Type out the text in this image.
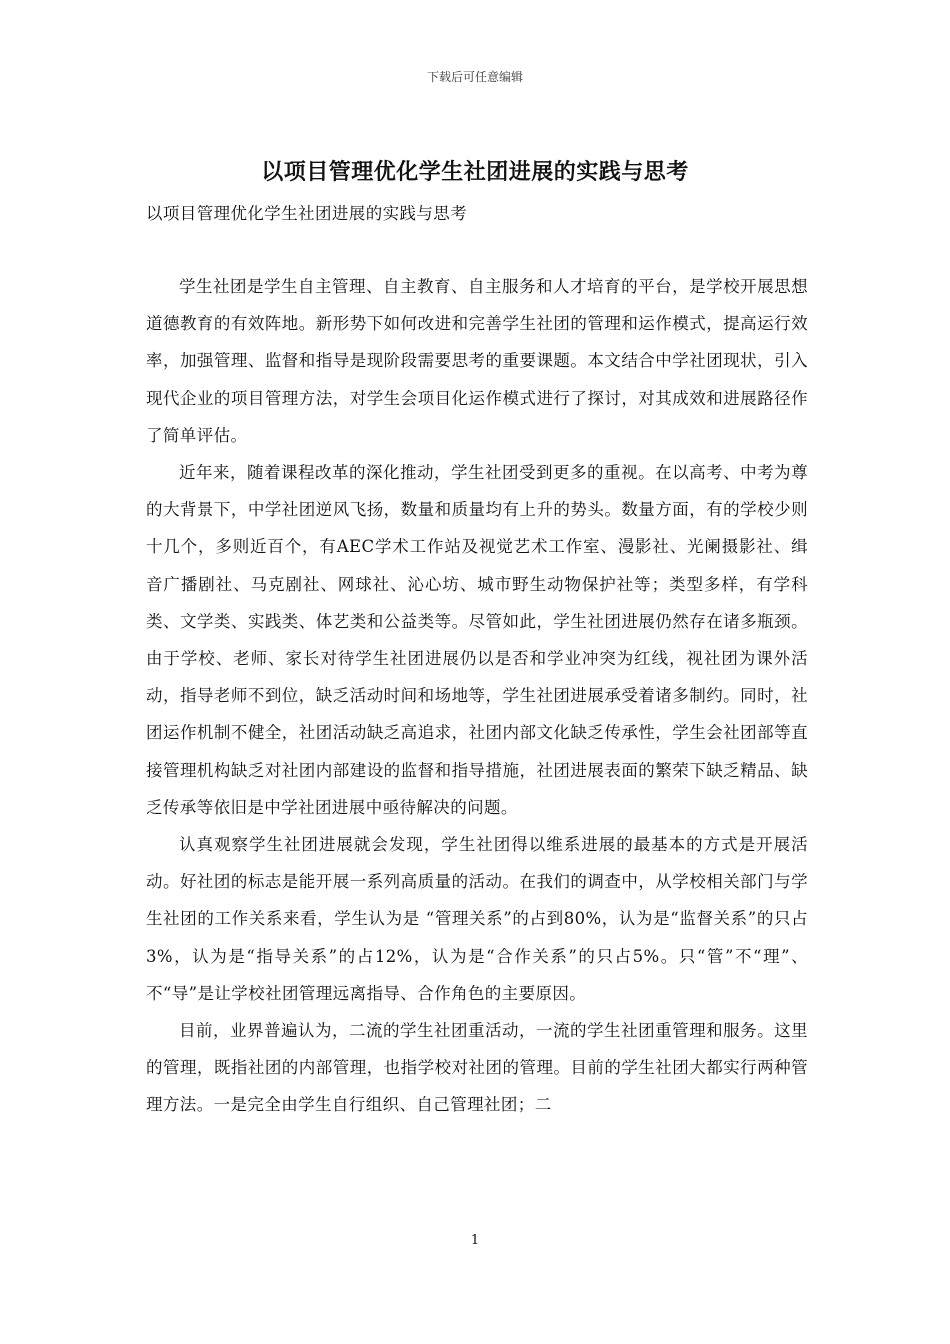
下载后可任意编辑
以项目管理优化学生社团进展的实践与思考
以项目管理优化学生社团进展的实践与思考

学生社团是学生自主管理、自主教育、自主服务和人才培育的平台，是学校开展思想道德教育的有效阵地。新形势下如何改进和完善学生社团的管理和运作模式，提高运行效率，加强管理、监督和指导是现阶段需要思考的重要课题。本文结合中学社团现状，引入现代企业的项目管理方法，对学生会项目化运作模式进行了探讨，对其成效和进展路径作了简单评估。

近年来，随着课程改革的深化推动，学生社团受到更多的重视。在以高考、中考为尊的大背景下，中学社团逆风飞扬，数量和质量均有上升的势头。数量方面，有的学校少则十几个，多则近百个，有AEC学术工作站及视觉艺术工作室、漫影社、光阑摄影社、缉音广播剧社、马克剧社、网球社、沁心坊、城市野生动物保护社等；类型多样，有学科类、文学类、实践类、体艺类和公益类等。尽管如此，学生社团进展仍然存在诸多瓶颈。由于学校、老师、家长对待学生社团进展仍以是否和学业冲突为红线，视社团为课外活动，指导老师不到位，缺乏活动时间和场地等，学生社团进展承受着诸多制约。同时，社团运作机制不健全，社团活动缺乏高追求，社团内部文化缺乏传承性，学生会社团部等直接管理机构缺乏对社团内部建设的监督和指导措施，社团进展表面的繁荣下缺乏精品、缺乏传承等依旧是中学社团进展中亟待解决的问题。

认真观察学生社团进展就会发现，学生社团得以维系进展的最基本的方式是开展活动。好社团的标志是能开展一系列高质量的活动。在我们的调查中，从学校相关部门与学生社团的工作关系来看，学生认为是 “管理关系”的占到80%，认为是“监督关系”的只占3%，认为是“指导关系”的占12%，认为是“合作关系”的只占5%。只“管”不“理”、不“导”是让学校社团管理远离指导、合作角色的主要原因。

目前，业界普遍认为，二流的学生社团重活动，一流的学生社团重管理和服务。这里的管理，既指社团的内部管理，也指学校对社团的管理。目前的学生社团大都实行两种管理方法。一是完全由学生自行组织、自己管理社团；二

1
